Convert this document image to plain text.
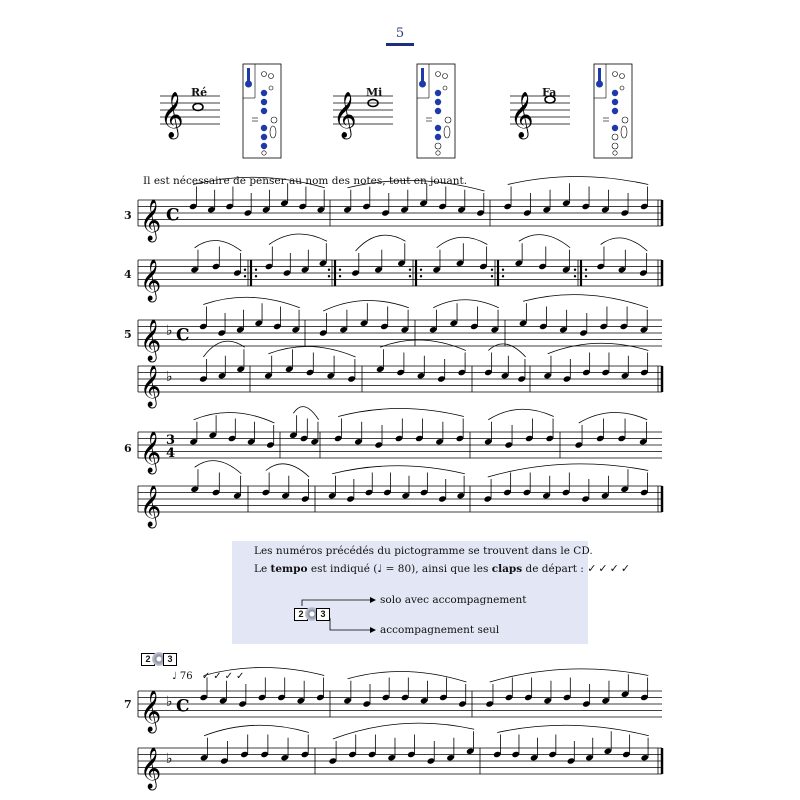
5
𝄞	𝄞	𝄞
Ré	Mi	Fa
Il est nécessaire de penser au nom des notes, tout en jouant.
3
4
5
6
7
𝄞 C
𝄞
𝄞 ♭ C
𝄞 ♭
𝄞 3
4
𝄞
𝄞 ♭ C
𝄞 ♭
Les numéros précédés du pictogramme se trouvent dans le CD.
Le tempo est indiqué (♩ = 80), ainsi que les claps de départ : ✓✓✓✓
2	3
solo avec accompagnement
accompagnement seul
2	3
♩ 76 ✓✓✓✓
